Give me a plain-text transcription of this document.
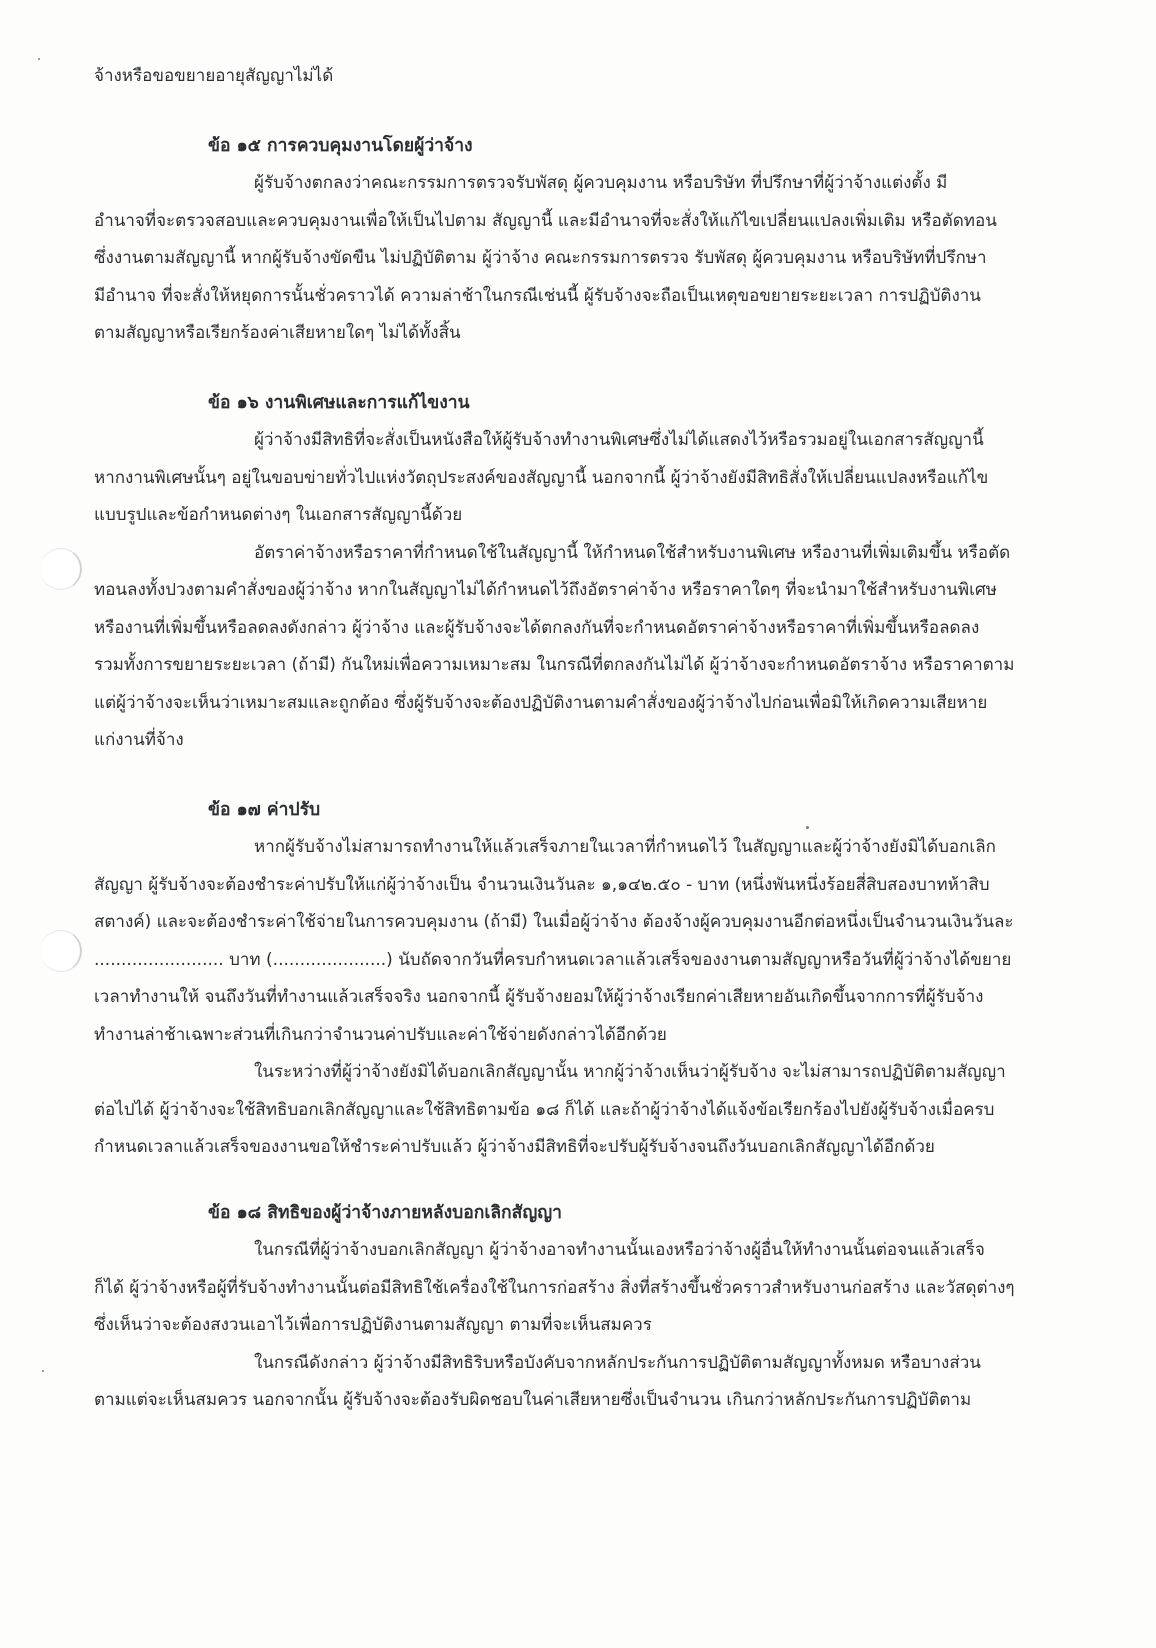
จ้างหรือขอขยายอายุสัญญาไม่ได้
ข้อ ๑๕ การควบคุมงานโดยผู้ว่าจ้าง
ผู้รับจ้างตกลงว่าคณะกรรมการตรวจรับพัสดุ ผู้ควบคุมงาน หรือบริษัท ที่ปรึกษาที่ผู้ว่าจ้างแต่งตั้ง มี
อำนาจที่จะตรวจสอบและควบคุมงานเพื่อให้เป็นไปตาม สัญญานี้ และมีอำนาจที่จะสั่งให้แก้ไขเปลี่ยนแปลงเพิ่มเติม หรือตัดทอน
ซึ่งงานตามสัญญานี้ หากผู้รับจ้างขัดขืน ไม่ปฏิบัติตาม ผู้ว่าจ้าง คณะกรรมการตรวจ รับพัสดุ ผู้ควบคุมงาน หรือบริษัทที่ปรึกษา
มีอำนาจ ที่จะสั่งให้หยุดการนั้นชั่วคราวได้ ความล่าช้าในกรณีเช่นนี้ ผู้รับจ้างจะถือเป็นเหตุขอขยายระยะเวลา การปฏิบัติงาน
ตามสัญญาหรือเรียกร้องค่าเสียหายใดๆ ไม่ได้ทั้งสิ้น
ข้อ ๑๖ งานพิเศษและการแก้ไขงาน
ผู้ว่าจ้างมีสิทธิที่จะสั่งเป็นหนังสือให้ผู้รับจ้างทำงานพิเศษซึ่งไม่ได้แสดงไว้หรือรวมอยู่ในเอกสารสัญญานี้
หากงานพิเศษนั้นๆ อยู่ในขอบข่ายทั่วไปแห่งวัตถุประสงค์ของสัญญานี้ นอกจากนี้ ผู้ว่าจ้างยังมีสิทธิสั่งให้เปลี่ยนแปลงหรือแก้ไข
แบบรูปและข้อกำหนดต่างๆ ในเอกสารสัญญานี้ด้วย
อัตราค่าจ้างหรือราคาที่กำหนดใช้ในสัญญานี้ ให้กำหนดใช้สำหรับงานพิเศษ หรืองานที่เพิ่มเติมขึ้น หรือตัด
ทอนลงทั้งปวงตามคำสั่งของผู้ว่าจ้าง หากในสัญญาไม่ได้กำหนดไว้ถึงอัตราค่าจ้าง หรือราคาใดๆ ที่จะนำมาใช้สำหรับงานพิเศษ
หรืองานที่เพิ่มขึ้นหรือลดลงดังกล่าว ผู้ว่าจ้าง และผู้รับจ้างจะได้ตกลงกันที่จะกำหนดอัตราค่าจ้างหรือราคาที่เพิ่มขึ้นหรือลดลง
รวมทั้งการขยายระยะเวลา (ถ้ามี) กันใหม่เพื่อความเหมาะสม ในกรณีที่ตกลงกันไม่ได้ ผู้ว่าจ้างจะกำหนดอัตราจ้าง หรือราคาตาม
แต่ผู้ว่าจ้างจะเห็นว่าเหมาะสมและถูกต้อง ซึ่งผู้รับจ้างจะต้องปฏิบัติงานตามคำสั่งของผู้ว่าจ้างไปก่อนเพื่อมิให้เกิดความเสียหาย
แก่งานที่จ้าง
ข้อ ๑๗ ค่าปรับ
หากผู้รับจ้างไม่สามารถทำงานให้แล้วเสร็จภายในเวลาที่กำหนดไว้ ในสัญญาและผู้ว่าจ้างยังมิได้บอกเลิก
สัญญา ผู้รับจ้างจะต้องชำระค่าปรับให้แก่ผู้ว่าจ้างเป็น จำนวนเงินวันละ ๑,๑๔๒.๕๐ - บาท (หนึ่งพันหนึ่งร้อยสี่สิบสองบาทห้าสิบ
สตางค์) และจะต้องชำระค่าใช้จ่ายในการควบคุมงาน (ถ้ามี) ในเมื่อผู้ว่าจ้าง ต้องจ้างผู้ควบคุมงานอีกต่อหนึ่งเป็นจำนวนเงินวันละ
........................ บาท (.....................) นับถัดจากวันที่ครบกำหนดเวลาแล้วเสร็จของงานตามสัญญาหรือวันที่ผู้ว่าจ้างได้ขยาย
เวลาทำงานให้ จนถึงวันที่ทำงานแล้วเสร็จจริง นอกจากนี้ ผู้รับจ้างยอมให้ผู้ว่าจ้างเรียกค่าเสียหายอันเกิดขึ้นจากการที่ผู้รับจ้าง
ทำงานล่าช้าเฉพาะส่วนที่เกินกว่าจำนวนค่าปรับและค่าใช้จ่ายดังกล่าวได้อีกด้วย
ในระหว่างที่ผู้ว่าจ้างยังมิได้บอกเลิกสัญญานั้น หากผู้ว่าจ้างเห็นว่าผู้รับจ้าง จะไม่สามารถปฏิบัติตามสัญญา
ต่อไปได้ ผู้ว่าจ้างจะใช้สิทธิบอกเลิกสัญญาและใช้สิทธิตามข้อ ๑๘ ก็ได้ และถ้าผู้ว่าจ้างได้แจ้งข้อเรียกร้องไปยังผู้รับจ้างเมื่อครบ
กำหนดเวลาแล้วเสร็จของงานขอให้ชำระค่าปรับแล้ว ผู้ว่าจ้างมีสิทธิที่จะปรับผู้รับจ้างจนถึงวันบอกเลิกสัญญาได้อีกด้วย
ข้อ ๑๘ สิทธิของผู้ว่าจ้างภายหลังบอกเลิกสัญญา
ในกรณีที่ผู้ว่าจ้างบอกเลิกสัญญา ผู้ว่าจ้างอาจทำงานนั้นเองหรือว่าจ้างผู้อื่นให้ทำงานนั้นต่อจนแล้วเสร็จ
ก็ได้ ผู้ว่าจ้างหรือผู้ที่รับจ้างทำงานนั้นต่อมีสิทธิใช้เครื่องใช้ในการก่อสร้าง สิ่งที่สร้างขึ้นชั่วคราวสำหรับงานก่อสร้าง และวัสดุต่างๆ
ซึ่งเห็นว่าจะต้องสงวนเอาไว้เพื่อการปฏิบัติงานตามสัญญา ตามที่จะเห็นสมควร
ในกรณีดังกล่าว ผู้ว่าจ้างมีสิทธิริบหรือบังคับจากหลักประกันการปฏิบัติตามสัญญาทั้งหมด หรือบางส่วน
ตามแต่จะเห็นสมควร นอกจากนั้น ผู้รับจ้างจะต้องรับผิดชอบในค่าเสียหายซึ่งเป็นจำนวน เกินกว่าหลักประกันการปฏิบัติตาม
